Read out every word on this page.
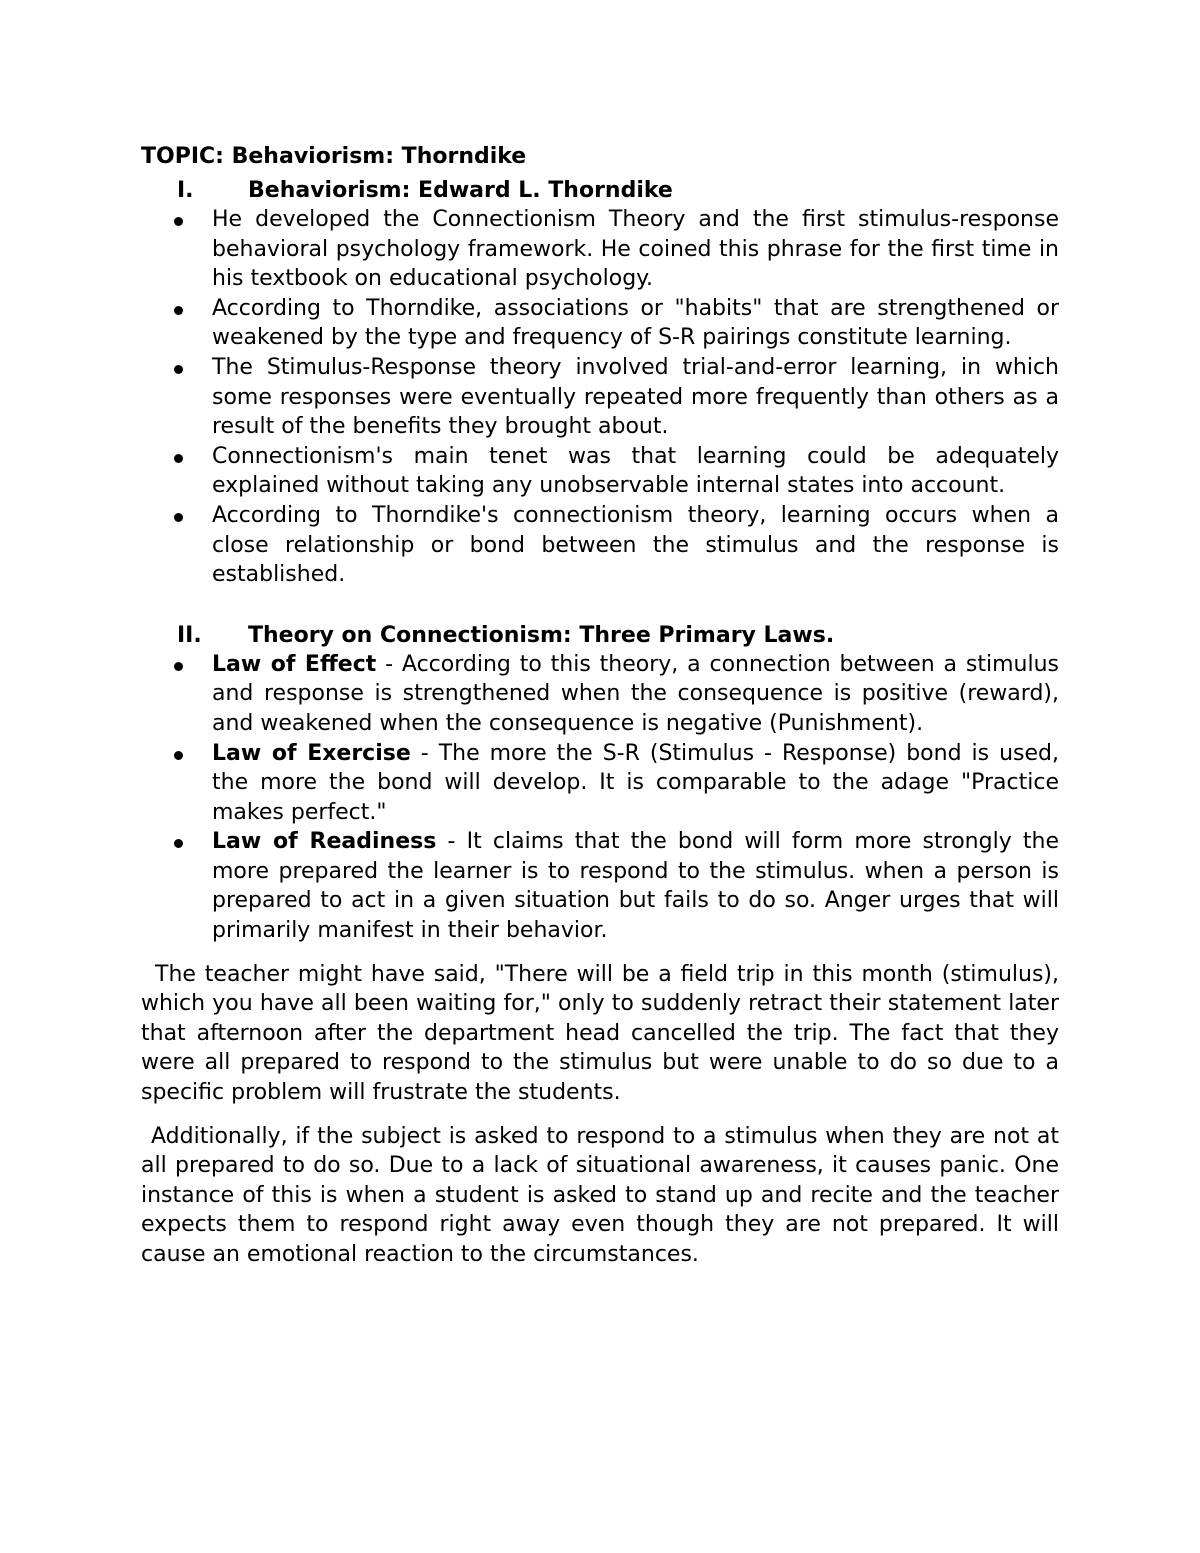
TOPIC: Behaviorism: Thorndike
I. Behaviorism: Edward L. Thorndike
He developed the Connectionism Theory and the first stimulus-response behavioral psychology framework. He coined this phrase for the first time in his textbook on educational psychology.
According to Thorndike, associations or "habits" that are strengthened or weakened by the type and frequency of S-R pairings constitute learning.
The Stimulus-Response theory involved trial-and-error learning, in which some responses were eventually repeated more frequently than others as a result of the benefits they brought about.
Connectionism's main tenet was that learning could be adequately explained without taking any unobservable internal states into account.
According to Thorndike's connectionism theory, learning occurs when a close relationship or bond between the stimulus and the response is established.
II. Theory on Connectionism: Three Primary Laws.
Law of Effect - According to this theory, a connection between a stimulus and response is strengthened when the consequence is positive (reward), and weakened when the consequence is negative (Punishment).
Law of Exercise - The more the S-R (Stimulus - Response) bond is used, the more the bond will develop. It is comparable to the adage "Practice makes perfect."
Law of Readiness - It claims that the bond will form more strongly the more prepared the learner is to respond to the stimulus. when a person is prepared to act in a given situation but fails to do so. Anger urges that will primarily manifest in their behavior.

The teacher might have said, "There will be a field trip in this month (stimulus), which you have all been waiting for," only to suddenly retract their statement later that afternoon after the department head cancelled the trip. The fact that they were all prepared to respond to the stimulus but were unable to do so due to a specific problem will frustrate the students.

Additionally, if the subject is asked to respond to a stimulus when they are not at all prepared to do so. Due to a lack of situational awareness, it causes panic. One instance of this is when a student is asked to stand up and recite and the teacher expects them to respond right away even though they are not prepared. It will cause an emotional reaction to the circumstances.
